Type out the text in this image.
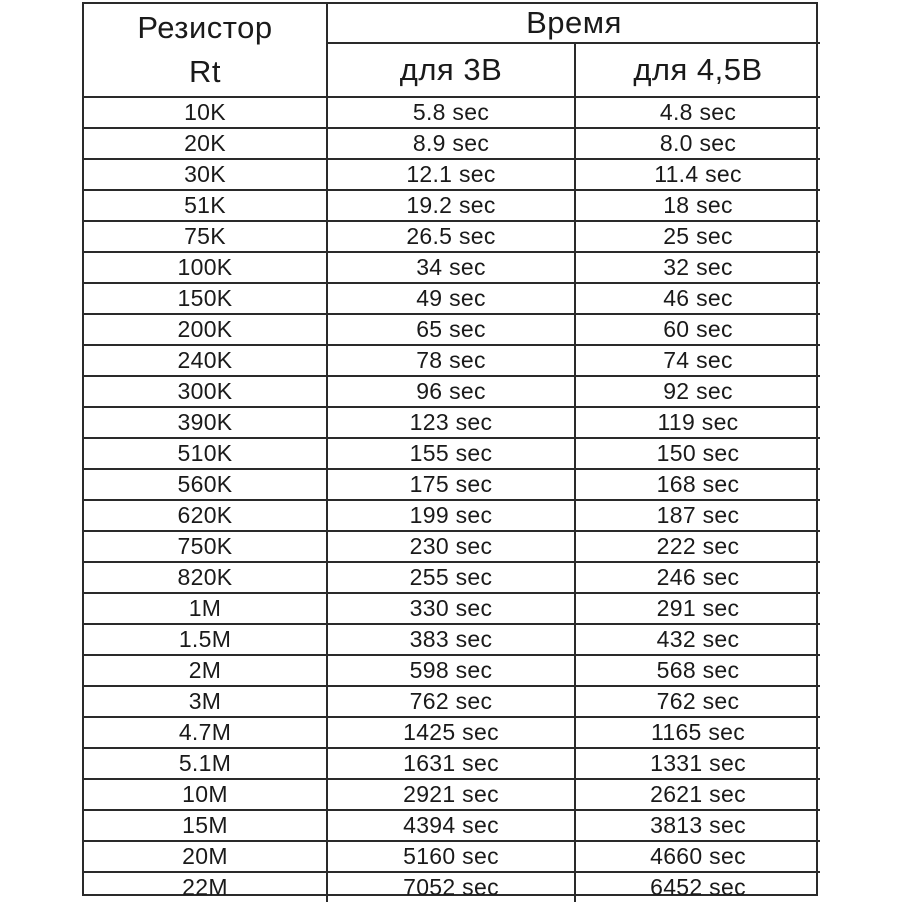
Резистор
Rt	Время	
	для 3В	для 4,5В
10K	5.8 sec	4.8 sec
20K	8.9 sec	8.0 sec
30K	12.1 sec	11.4 sec
51K	19.2 sec	18 sec
75K	26.5 sec	25 sec
100K	34 sec	32 sec
150K	49 sec	46 sec
200K	65 sec	60 sec
240K	78 sec	74 sec
300K	96 sec	92 sec
390K	123 sec	119 sec
510K	155 sec	150 sec
560K	175 sec	168 sec
620K	199 sec	187 sec
750K	230 sec	222 sec
820K	255 sec	246 sec
1M	330 sec	291 sec
1.5M	383 sec	432 sec
2M	598 sec	568 sec
3M	762 sec	762 sec
4.7M	1425 sec	1165 sec
5.1M	1631 sec	1331 sec
10M	2921 sec	2621 sec
15M	4394 sec	3813 sec
20M	5160 sec	4660 sec
22M	7052 sec	6452 sec
